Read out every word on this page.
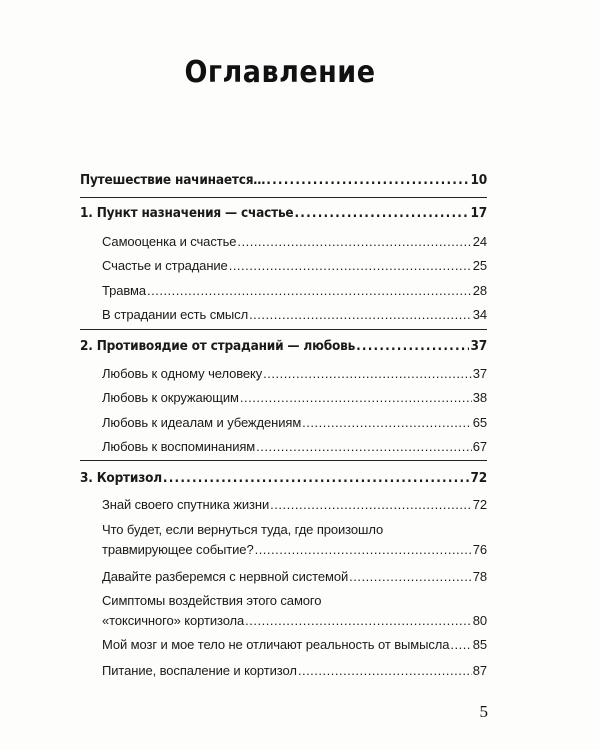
Оглавление
Путешествие начинается… .....	10
1. Пункт назначения — счастье .....	17
Самооценка и счастье .....	24
Счастье и страдание .....	25
Травма .....	28
В страдании есть смысл .....	34
2. Противоядие от страданий — любовь .....	37
Любовь к одному человеку .....	37
Любовь к окружающим .....	38
Любовь к идеалам и убеждениям .....	65
Любовь к воспоминаниям .....	67
3. Кортизол .....	72
Знай своего спутника жизни .....	72
Что будет, если вернуться туда, где произошло
травмирующее событие? .....	76
Давайте разберемся с нервной системой .....	78
Симптомы воздействия этого самого
«токсичного» кортизола .....	80
Мой мозг и мое тело не отличают реальность от вымысла ..... 85
Питание, воспаление и кортизол .....	87
5
